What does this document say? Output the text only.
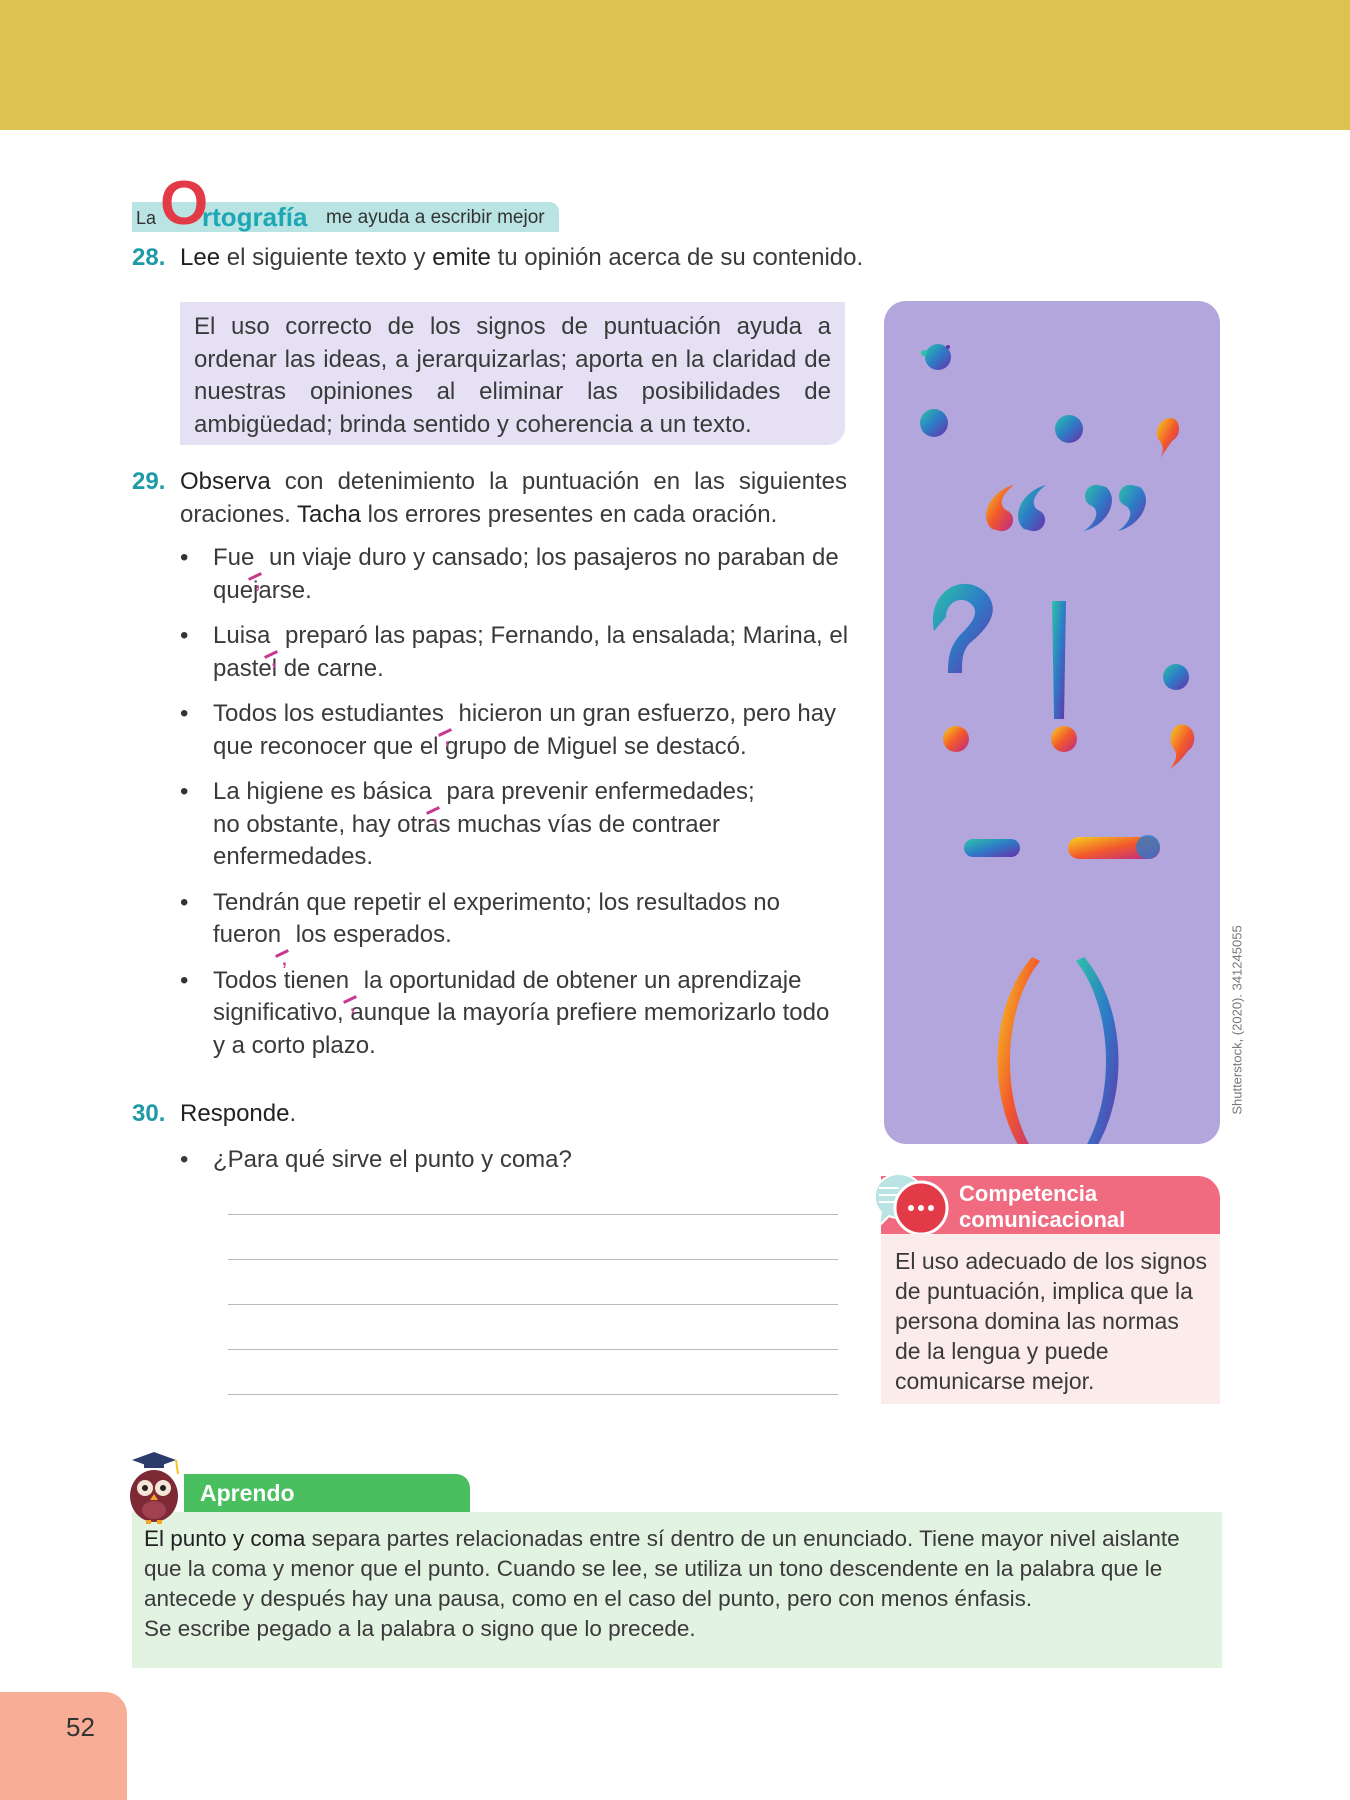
La O
rtografía me ayuda a escribir mejor
28. Lee el siguiente texto y emite tu opinión acerca de su contenido.
El uso correcto de los signos de puntuación ayuda a ordenar las ideas, a jerarquizarlas; aporta en la claridad de nuestras opiniones al eliminar las posibilidades de ambigüedad; brinda sentido y coherencia a un texto.
29. Observa con detenimiento la puntuación en las siguientes oraciones. Tacha los errores presentes en cada oración.
• Fue un viaje duro y cansado; los pasajeros no paraban de
quejarse.
• Luisa preparó las papas; Fernando, la ensalada; Marina, el
pastel de carne.
• Todos los estudiantes hicieron un gran esfuerzo, pero hay
que reconocer que el grupo de Miguel se destacó.
• La higiene es básica para prevenir enfermedades;
no obstante, hay otras muchas vías de contraer
enfermedades.
• Tendrán que repetir el experimento; los resultados no
fueron los esperados.
• Todos tienen la oportunidad de obtener un aprendizaje
significativo, aunque la mayoría prefiere memorizarlo todo
y a corto plazo.
30. Responde.
• ¿Para qué sirve el punto y coma?
Shutterstock, (2020). 341245055
Competencia
comunicacional
El uso adecuado de los signos de puntuación, implica que la persona domina las normas de la lengua y puede comunicarse mejor.
Aprendo
El punto y coma separa partes relacionadas entre sí dentro de un enunciado. Tiene mayor nivel aislante que la coma y menor que el punto. Cuando se lee, se utiliza un tono descendente en la palabra que le antecede y después hay una pausa, como en el caso del punto, pero con menos énfasis.
Se escribe pegado a la palabra o signo que lo precede.
52
